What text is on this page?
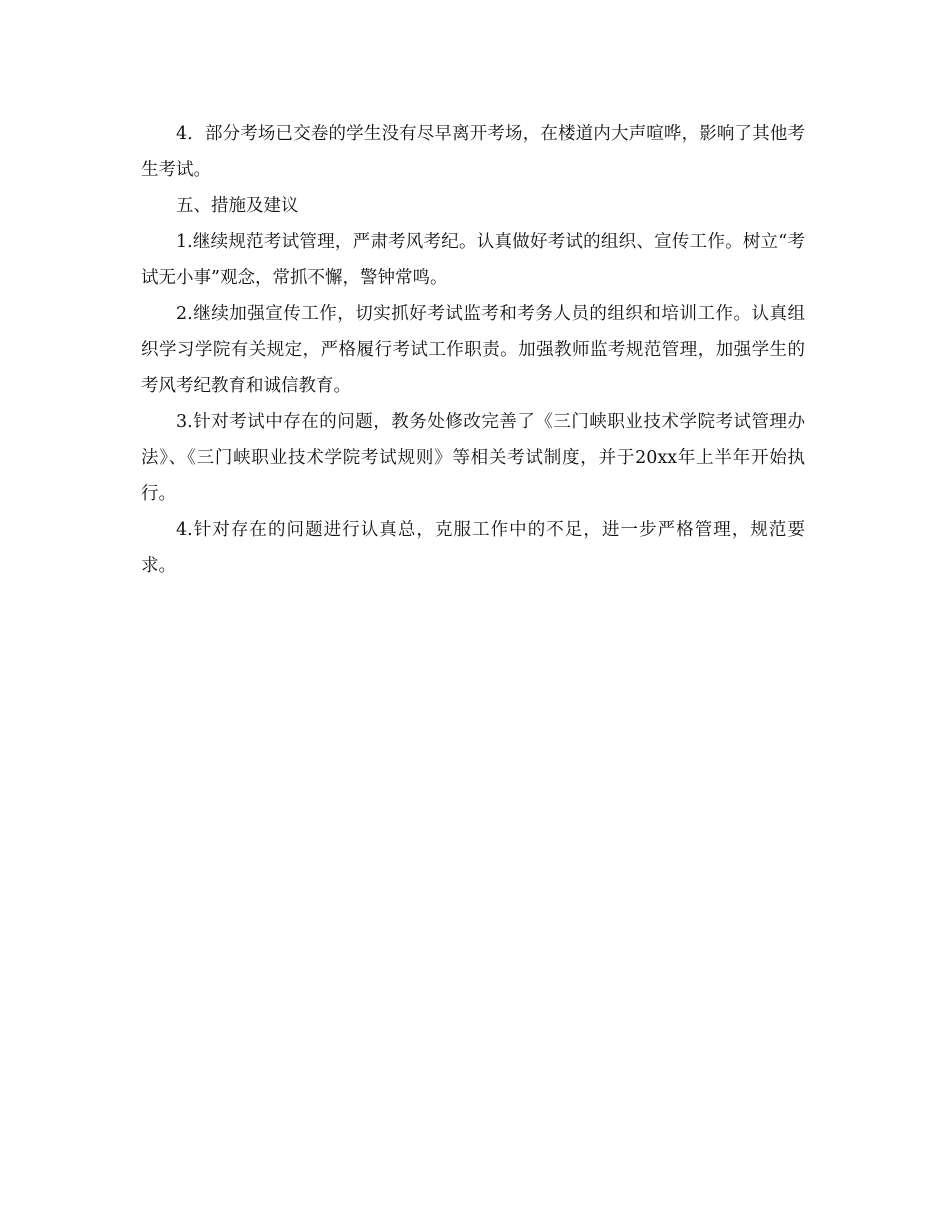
4．部分考场已交卷的学生没有尽早离开考场，在楼道内大声喧哗，影响了其他考生考试。

五、措施及建议

1.继续规范考试管理，严肃考风考纪。认真做好考试的组织、宣传工作。树立“考试无小事”观念，常抓不懈，警钟常鸣。

2.继续加强宣传工作，切实抓好考试监考和考务人员的组织和培训工作。认真组织学习学院有关规定，严格履行考试工作职责。加强教师监考规范管理，加强学生的考风考纪教育和诚信教育。

3.针对考试中存在的问题，教务处修改完善了《三门峡职业技术学院考试管理办法》、《三门峡职业技术学院考试规则》等相关考试制度，并于20xx年上半年开始执行。

4.针对存在的问题进行认真总，克服工作中的不足，进一步严格管理，规范要求。
